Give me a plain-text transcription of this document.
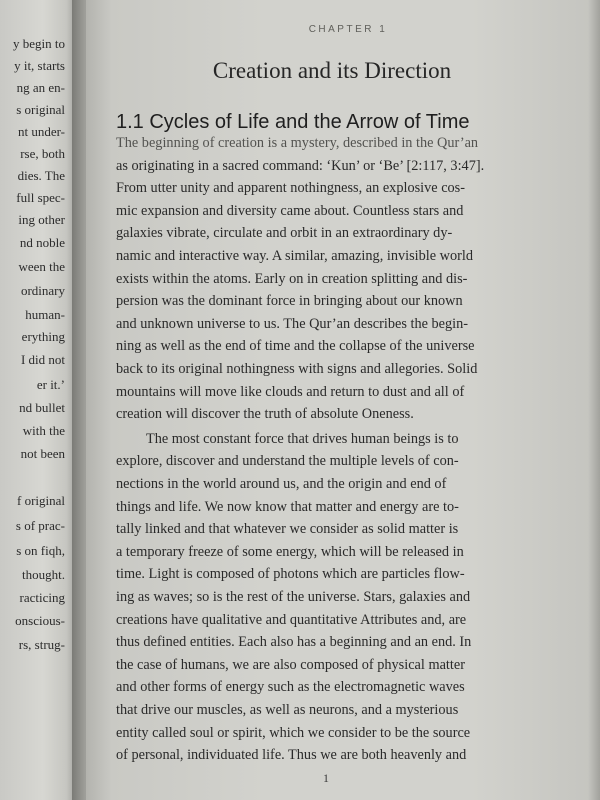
y begin to
y it, starts
ng an en-
s original
nt under-
rse, both
dies. The
full spec-
ing other
nd noble
ween the
ordinary
human-
erything
I did not
er it.’
nd bullet
with the
not been
f original
s of prac-
s on fiqh,
thought.
racticing
onscious-
rs, strug-
CHAPTER 1
Creation and its Direction
1.1 Cycles of Life and the Arrow of Time
The beginning of creation is a mystery, described in the Qur’an
as originating in a sacred command: ‘Kun’ or ‘Be’ [2:117, 3:47].
From utter unity and apparent nothingness, an explosive cos-
mic expansion and diversity came about. Countless stars and
galaxies vibrate, circulate and orbit in an extraordinary dy-
namic and interactive way. A similar, amazing, invisible world
exists within the atoms. Early on in creation splitting and dis-
persion was the dominant force in bringing about our known
and unknown universe to us. The Qur’an describes the begin-
ning as well as the end of time and the collapse of the universe
back to its original nothingness with signs and allegories. Solid
mountains will move like clouds and return to dust and all of
creation will discover the truth of absolute Oneness.
The most constant force that drives human beings is to
explore, discover and understand the multiple levels of con-
nections in the world around us, and the origin and end of
things and life. We now know that matter and energy are to-
tally linked and that whatever we consider as solid matter is
a temporary freeze of some energy, which will be released in
time. Light is composed of photons which are particles flow-
ing as waves; so is the rest of the universe. Stars, galaxies and
creations have qualitative and quantitative Attributes and, are
thus defined entities. Each also has a beginning and an end. In
the case of humans, we are also composed of physical matter
and other forms of energy such as the electromagnetic waves
that drive our muscles, as well as neurons, and a mysterious
entity called soul or spirit, which we consider to be the source
of personal, individuated life. Thus we are both heavenly and
1
